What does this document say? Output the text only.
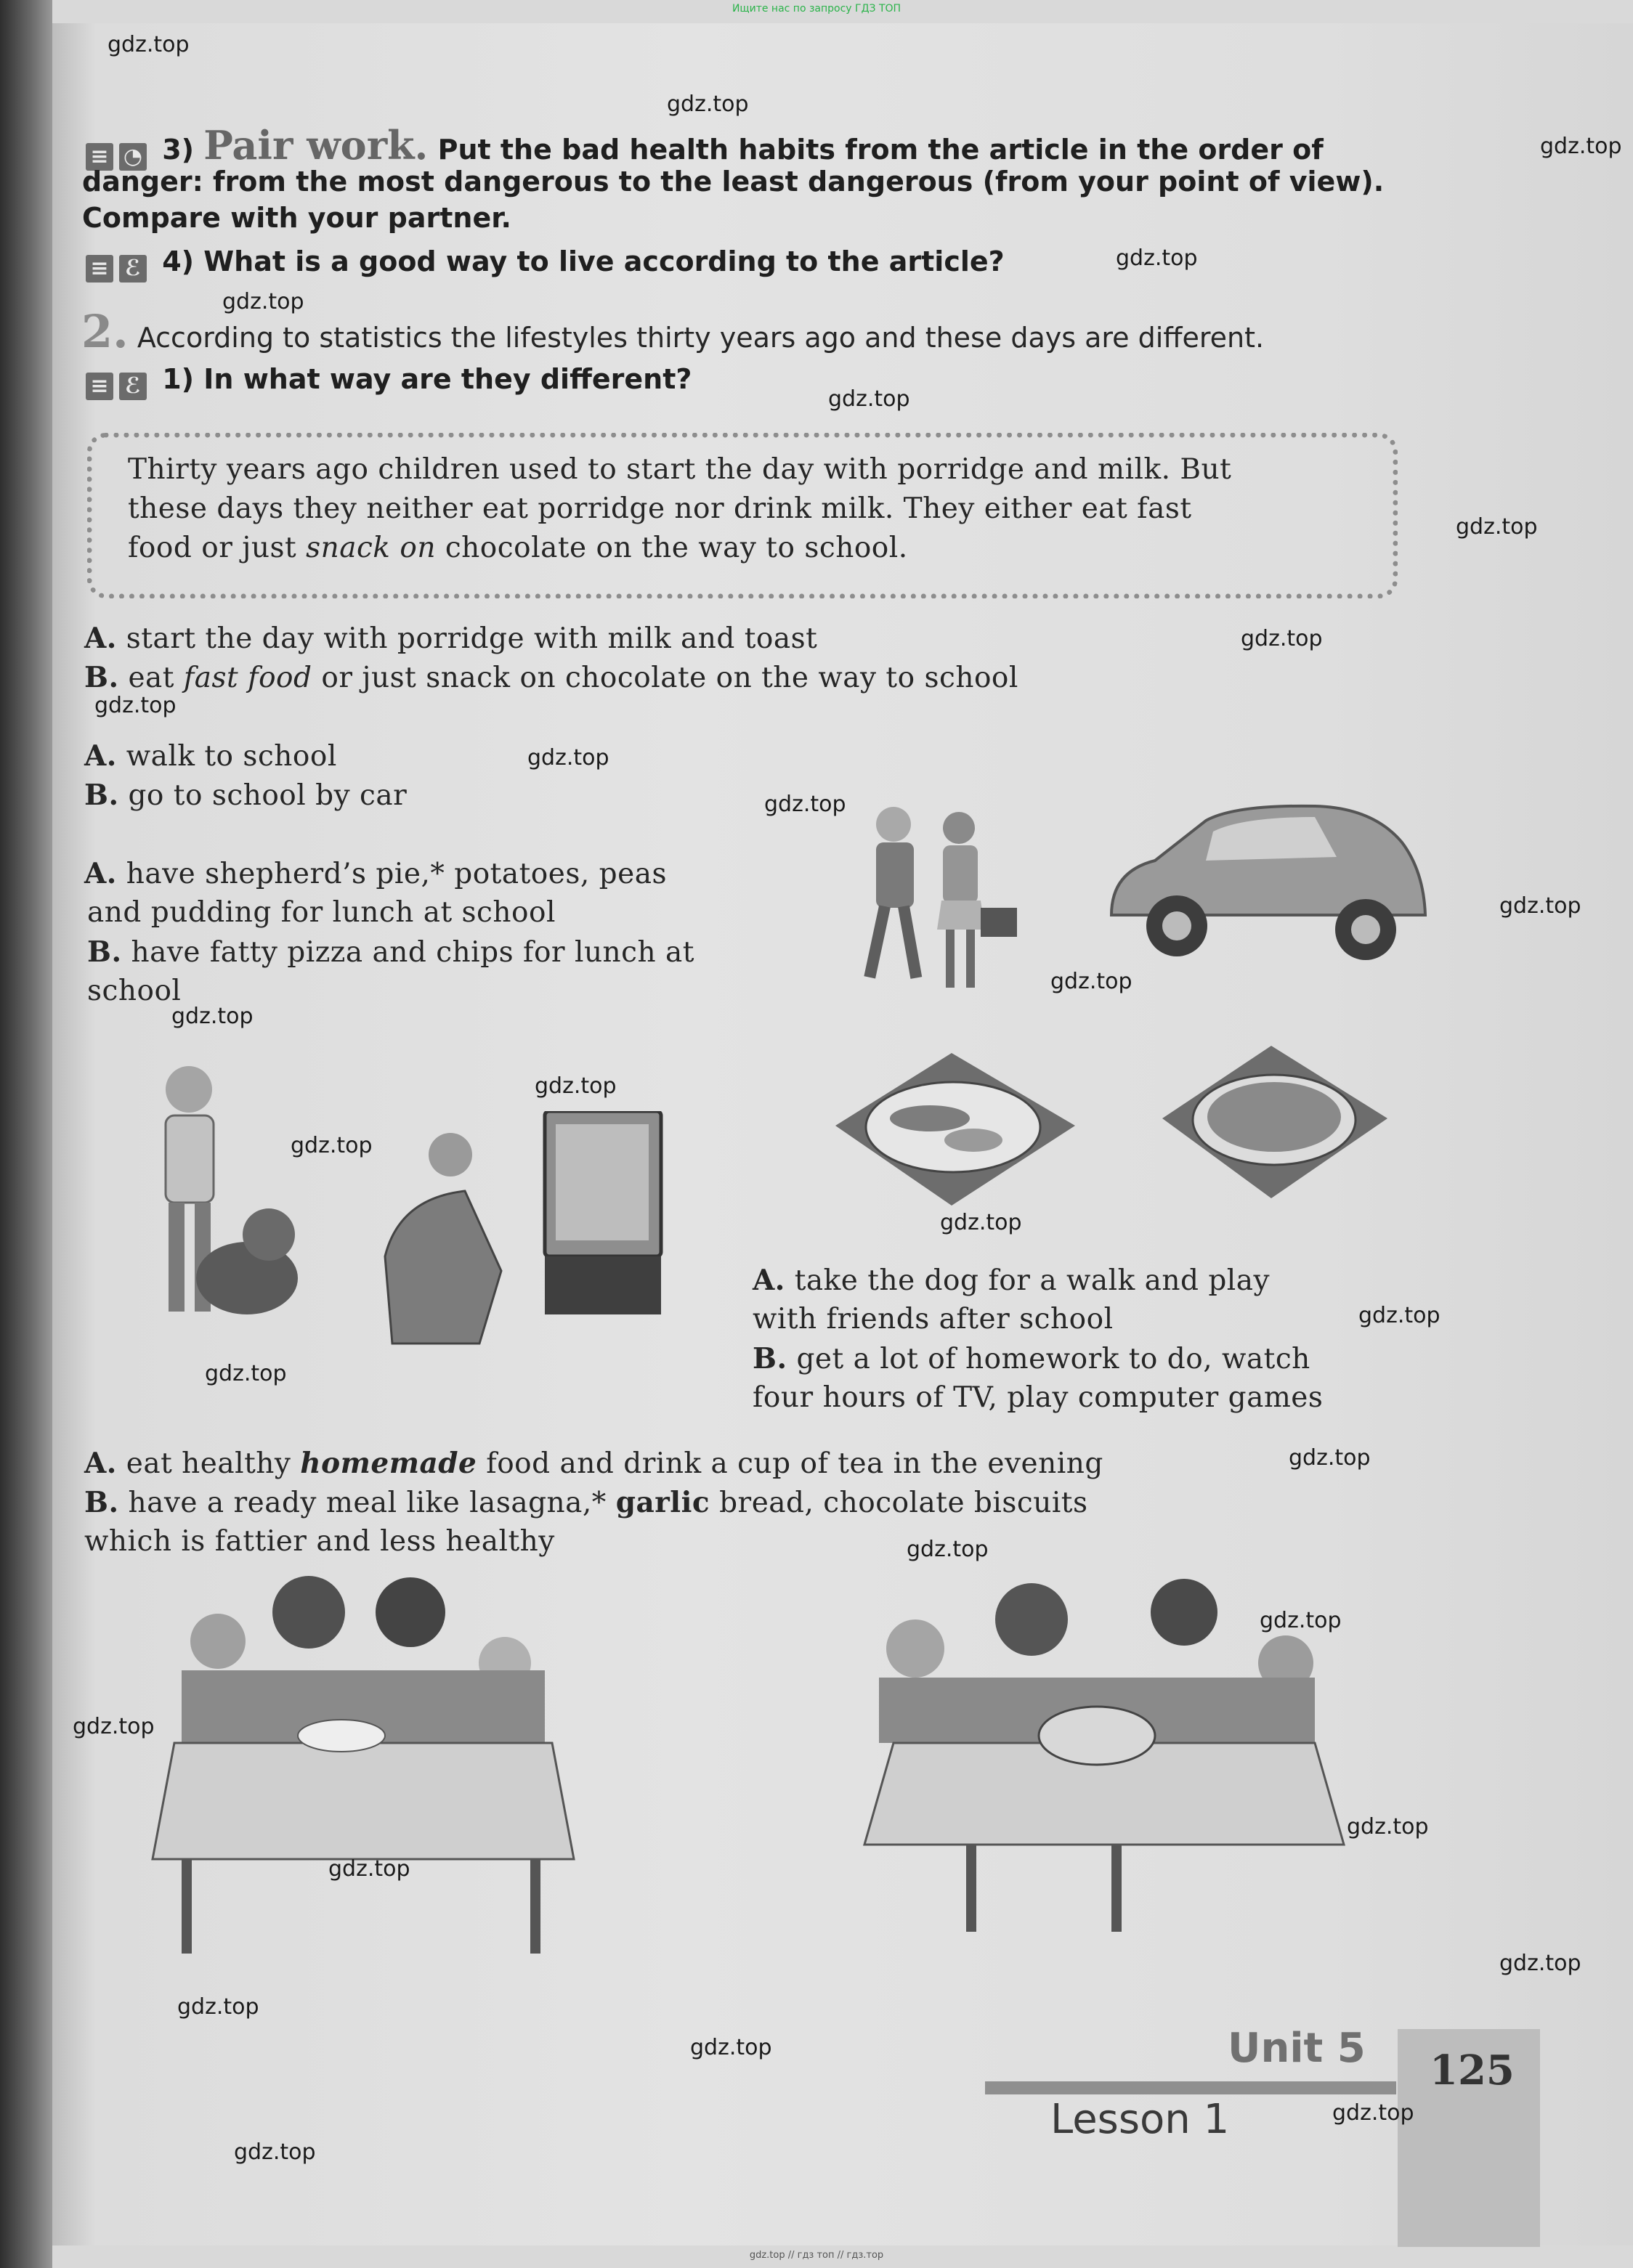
Ищите нас по запросу ГДЗ ТОП
≡ ◔ 3) Pair work. Put the bad health habits from the article in the order of
danger: from the most dangerous to the least dangerous (from your point of view).
Compare with your partner.
≡ ℰ 4) What is a good way to live according to the article?
2. According to statistics the lifestyles thirty years ago and these days are different.
≡ ℰ 1) In what way are they different?
Thirty years ago children used to start the day with porridge and milk. But
these days they neither eat porridge nor drink milk. They either eat fast
food or just snack on chocolate on the way to school.
A. start the day with porridge with milk and toast
B. eat fast food or just snack on chocolate on the way to school
A. walk to school
B. go to school by car
A. have shepherd’s pie,* potatoes, peas
and pudding for lunch at school
B. have fatty pizza and chips for lunch at
school
A. take the dog for a walk and play
with friends after school
B. get a lot of homework to do, watch
four hours of TV, play computer games
A. eat healthy homemade food and drink a cup of tea in the evening
B. have a ready meal like lasagna,* garlic bread, chocolate biscuits
which is fattier and less healthy
Unit 5
Lesson 1
125
gdz.top
gdz.top
gdz.top
gdz.top
gdz.top
gdz.top
gdz.top
gdz.top
gdz.top
gdz.top
gdz.top
gdz.top
gdz.top
gdz.top
gdz.top
gdz.top
gdz.top
gdz.top
gdz.top
gdz.top
gdz.top
gdz.top
gdz.top
gdz.top
gdz.top
gdz.top
gdz.top
gdz.top
gdz.top
gdz.top
gdz.top // гдз топ // гдз.тор
